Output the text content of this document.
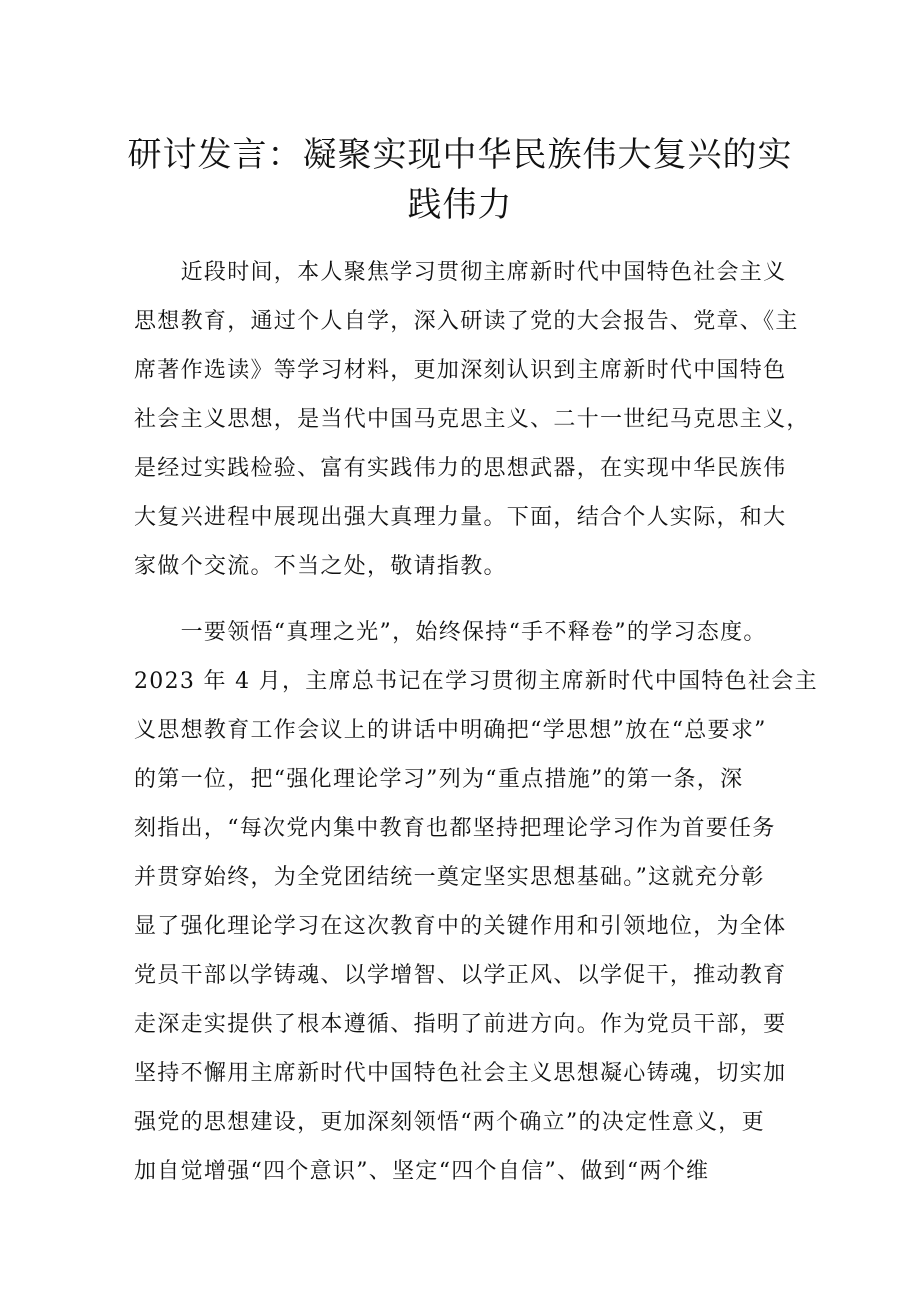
研讨发言：凝聚实现中华民族伟大复兴的实
践伟力
　　近段时间，本人聚焦学习贯彻主席新时代中国特色社会主义
思想教育，通过个人自学，深入研读了党的大会报告、党章、《主
席著作选读》等学习材料，更加深刻认识到主席新时代中国特色
社会主义思想，是当代中国马克思主义、二十一世纪马克思主义，
是经过实践检验、富有实践伟力的思想武器，在实现中华民族伟
大复兴进程中展现出强大真理力量。下面，结合个人实际，和大
家做个交流。不当之处，敬请指教。
　　一要领悟“真理之光”，始终保持“手不释卷”的学习态度。
2023 年 4 月，主席总书记在学习贯彻主席新时代中国特色社会主
义思想教育工作会议上的讲话中明确把“学思想”放在“总要求”
的第一位，把“强化理论学习”列为“重点措施”的第一条，深
刻指出，“每次党内集中教育也都坚持把理论学习作为首要任务
并贯穿始终，为全党团结统一奠定坚实思想基础。”这就充分彰
显了强化理论学习在这次教育中的关键作用和引领地位，为全体
党员干部以学铸魂、以学增智、以学正风、以学促干，推动教育
走深走实提供了根本遵循、指明了前进方向。作为党员干部，要
坚持不懈用主席新时代中国特色社会主义思想凝心铸魂，切实加
强党的思想建设，更加深刻领悟“两个确立”的决定性意义，更
加自觉增强“四个意识”、坚定“四个自信”、做到“两个维
